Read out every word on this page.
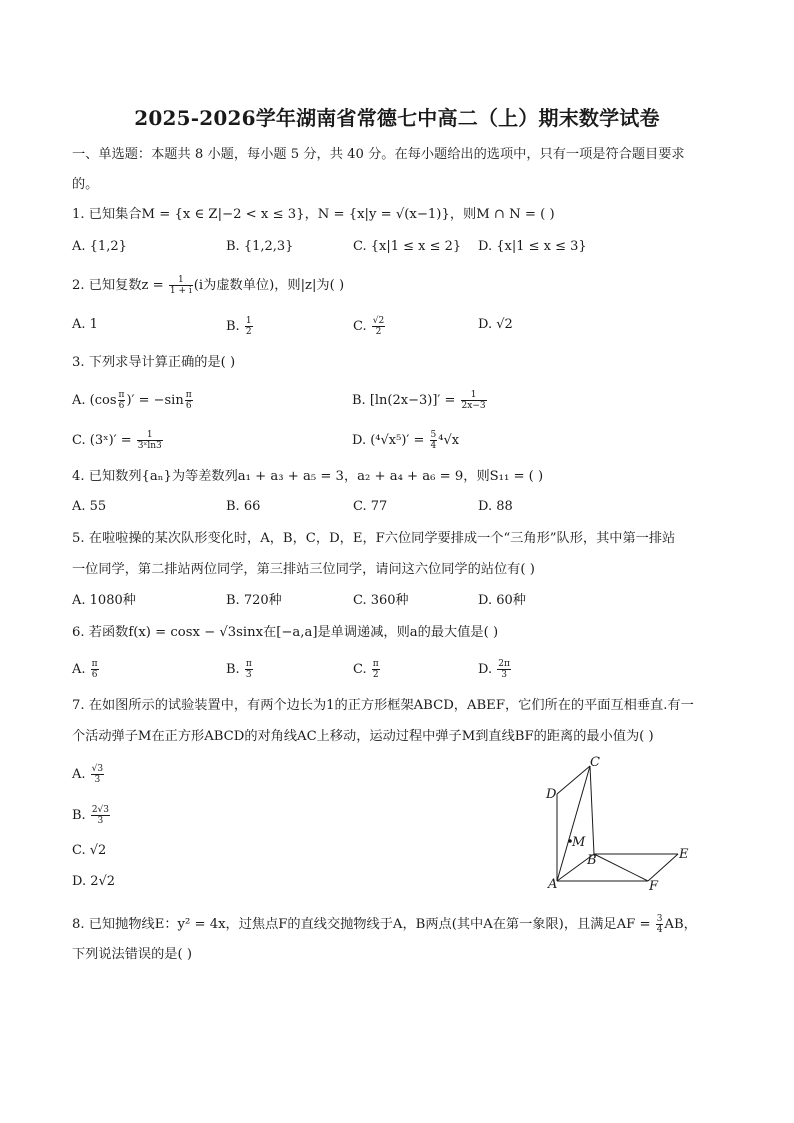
2025-2026学年湖南省常德七中高二（上）期末数学试卷
一、单选题：本题共 8 小题，每小题 5 分，共 40 分。在每小题给出的选项中，只有一项是符合题目要求
的。
1. 已知集合M = {x ∈ Z|−2 < x ≤ 3}，N = {x|y = √(x−1)}，则M ∩ N = ( )
A. {1,2}	B. {1,2,3}	C. {x|1 ≤ x ≤ 2} D. {x|1 ≤ x ≤ 3}
2. 已知复数$z = \frac{1}{1 + i} (i$为虚数单位)，则|z|为( )
A. 1	B. $\frac{1}{2}$	C. $\frac{√2}{2}$	D. √2
3. 下列求导计算正确的是( )
A. ($\cos \frac{\pi}{6}$ )′ = $-\sin \frac{\pi}{6}$	B. $[\ln(2x-3)]' = \frac{1}{2x-3}$
C. (3ˣ)′ = $\frac{1}{\text{3ˣln3}}$	D. $(^4√x^5)' = \frac{5}{4} ^4√x$
4. 已知数列{aₙ}为等差数列a₁ + a₃ + a₅ = 3，a₂ + a₄ + a₆ = 9，则S₁₁ = ( )
A. 55	B. 66	C. 77	D. 88
5. 在啦啦操的某次队形变化时，A，B，C，D，E，F六位同学要排成一个“三角形”队形，其中第一排站
一位同学，第二排站两位同学，第三排站三位同学，请问这六位同学的站位有( )
A. 1080种	B. 720种	C. 360种	D. 60种
6. 若函数f(x) = cosx − √3sinx在[−a,a]是单调递减，则a的最大值是( )
A. $\frac{\pi}{6}$	B. $\frac{\pi}{3}$	C. $\frac{\pi}{2}$	D. $\frac{2\pi}{3}$
7. 在如图所示的试验装置中，有两个边长为1的正方形框架ABCD，ABEF，它们所在的平面互相垂直.有一
个活动弹子M在正方形ABCD的对角线AC上移动，运动过程中弹子M到直线BF的距离的最小值为( )
A. $\frac{√3}{3}$
B. $\frac{2√3}{3}$
C. √2
D. 2√2
C
D
M
B	E
A	F
8. 已知抛物线E：y² = 4x，过焦点F的直线交抛物线于A，B两点(其中A在第一象限)，且满足AF = $\frac{3}{4}$ AB，
下列说法错误的是( )
